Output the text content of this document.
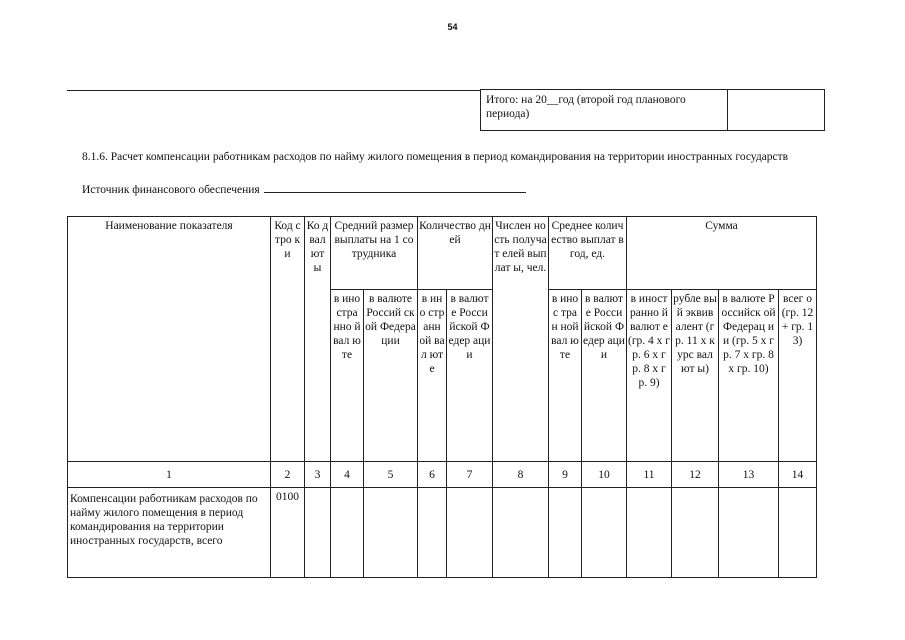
54
Итого: на 20__год (второй год планового периода)	

8.1.6. Расчет компенсации работникам расходов по найму жилого помещения в период командирования на территории иностранных государств

Источник финансового обеспечения
Наименование показателя	Код стро ки	Ко д вал ют ы	Средний размер выплаты на 1 сотрудника		Количество дней		Числен ность получат елей выплат ы, чел.	Среднее количество выплат в год, ед.		Сумма			
			в ино стра нно й вал юте	в валюте Россий ской Федера ции	в ино стр анн ой вал юте	в валют е Росси йской Федер ации		в инос тран ной вал юте	в валют е Росси йской Федер ации	в иност ранно й валют е (гр. 4 х гр. 6 х гр. 8 х гр. 9)	рубле вый эквив алент (гр. 11 х курс валют ы)	в валюте Российск ой Федерац ии (гр. 5 х гр. 7 х гр. 8 х гр. 10)	всег о (гр. 12 + гр. 13)
1	2	3	4	5	6	7	8	9	10	11	12	13	14
Компенсации работникам расходов по найму жилого помещения в период командирования на территории иностранных государств, всего	0100												
